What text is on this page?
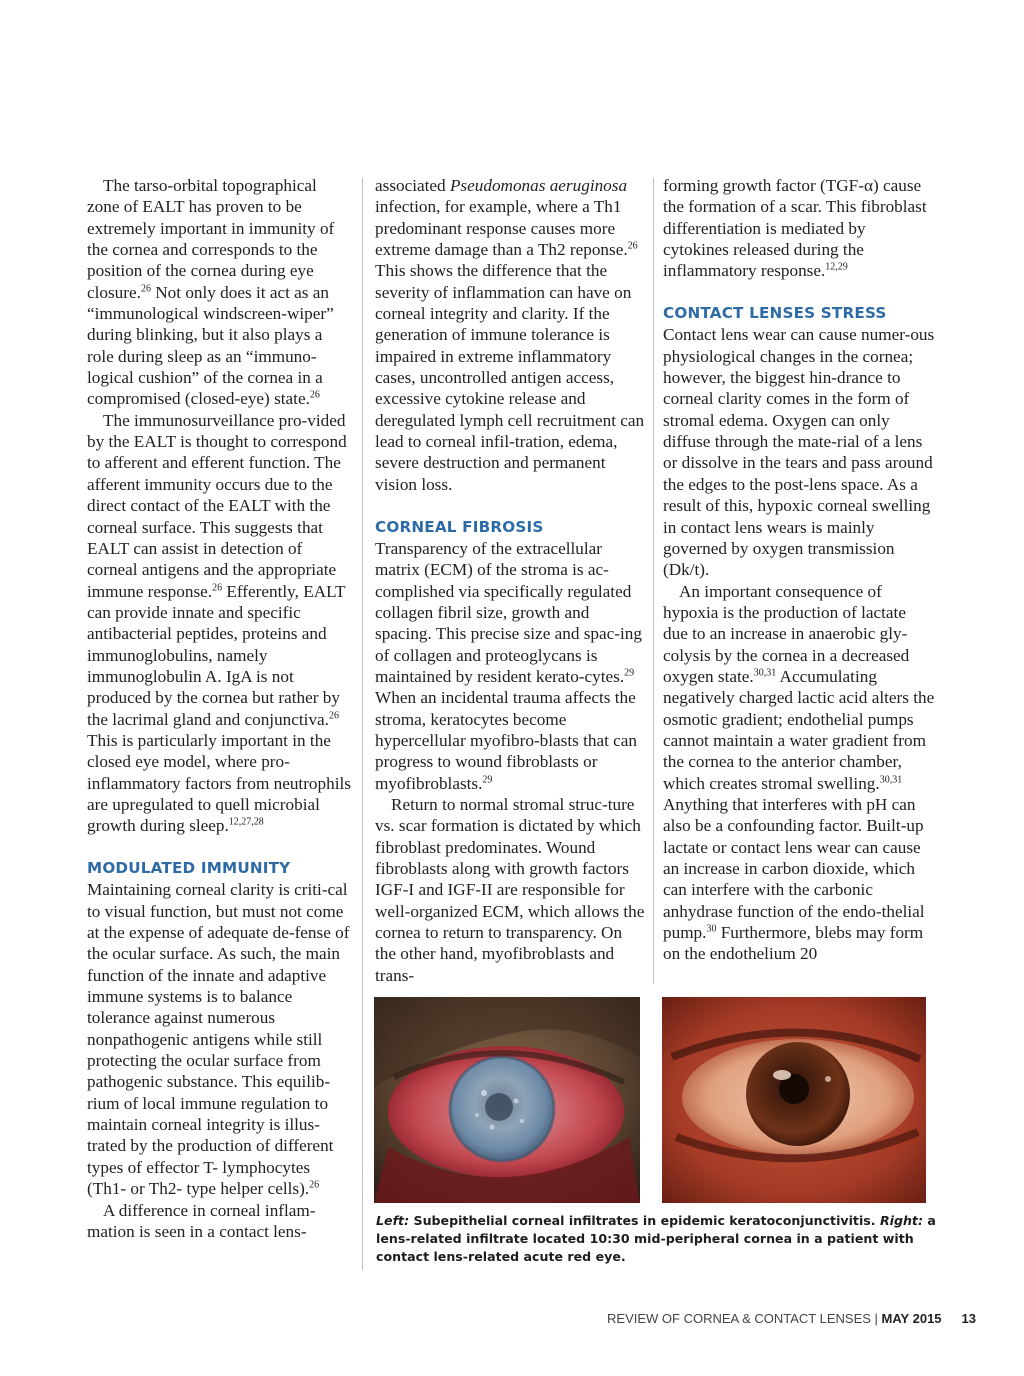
The tarso-orbital topographical zone of EALT has proven to be extremely important in immunity of the cornea and corresponds to the position of the cornea during eye closure.$^{26}$ Not only does it act as an “immunological windscreen-wiper” during blinking, but it also plays a role during sleep as an “immuno-logical cushion” of the cornea in a compromised (closed-eye) state.$^{26}$

The immunosurveillance pro-vided by the EALT is thought to correspond to afferent and efferent function. The afferent immunity occurs due to the direct contact of the EALT with the corneal surface. This suggests that EALT can assist in detection of corneal antigens and the appropriate immune response.$^{26}$ Efferently, EALT can provide innate and specific antibacterial peptides, proteins and immunoglobulins, namely immunoglobulin A. IgA is not produced by the cornea but rather by the lacrimal gland and conjunctiva.$^{26}$ This is particularly important in the closed eye model, where pro-inflammatory factors from neutrophils are upregulated to quell microbial growth during sleep.$^{12,27,28}$

MODULATED IMMUNITY

Maintaining corneal clarity is criti-cal to visual function, but must not come at the expense of adequate de-fense of the ocular surface. As such, the main function of the innate and adaptive immune systems is to balance tolerance against numerous nonpathogenic antigens while still protecting the ocular surface from pathogenic substance. This equilib-rium of local immune regulation to maintain corneal integrity is illus-trated by the production of different types of effector T- lymphocytes (Th1- or Th2- type helper cells).$^{26}$

A difference in corneal inflam-mation is seen in a contact lens-

associated Pseudomonas aeruginosa infection, for example, where a Th1 predominant response causes more extreme damage than a Th2 reponse.$^{26}$ This shows the difference that the severity of inflammation can have on corneal integrity and clarity. If the generation of immune tolerance is impaired in extreme inflammatory cases, uncontrolled antigen access, excessive cytokine release and deregulated lymph cell recruitment can lead to corneal infil-tration, edema, severe destruction and permanent vision loss.

CORNEAL FIBROSIS

Transparency of the extracellular matrix (ECM) of the stroma is ac-complished via specifically regulated collagen fibril size, growth and spacing. This precise size and spac-ing of collagen and proteoglycans is maintained by resident kerato-cytes.$^{29}$ When an incidental trauma affects the stroma, keratocytes become hypercellular myofibro-blasts that can progress to wound fibroblasts or myofibroblasts.$^{29}$

Return to normal stromal struc-ture vs. scar formation is dictated by which fibroblast predominates. Wound fibroblasts along with growth factors IGF-I and IGF-II are responsible for well-organized ECM, which allows the cornea to return to transparency. On the other hand, myofibroblasts and trans-

forming growth factor (TGF-α) cause the formation of a scar. This fibroblast differentiation is mediated by cytokines released during the inflammatory response.$^{12,29}$

CONTACT LENSES STRESS

Contact lens wear can cause numer-ous physiological changes in the cornea; however, the biggest hin-drance to corneal clarity comes in the form of stromal edema. Oxygen can only diffuse through the mate-rial of a lens or dissolve in the tears and pass around the edges to the post-lens space. As a result of this, hypoxic corneal swelling in contact lens wears is mainly governed by oxygen transmission (Dk/t).

An important consequence of hypoxia is the production of lactate due to an increase in anaerobic gly-colysis by the cornea in a decreased oxygen state.$^{30,31}$ Accumulating negatively charged lactic acid alters the osmotic gradient; endothelial pumps cannot maintain a water gradient from the cornea to the anterior chamber, which creates stromal swelling.$^{30,31}$ Anything that interferes with pH can also be a confounding factor. Built-up lactate or contact lens wear can cause an increase in carbon dioxide, which can interfere with the carbonic anhydrase function of the endo-thelial pump.$^{30}$ Furthermore, blebs may form on the endothelium 20

Left: Subepithelial corneal infiltrates in epidemic keratoconjunctivitis. Right: a lens-related infiltrate located 10:30 mid-peripheral cornea in a patient with contact lens-related acute red eye.
REVIEW OF CORNEA & CONTACT LENSES | MAY 2015 13
